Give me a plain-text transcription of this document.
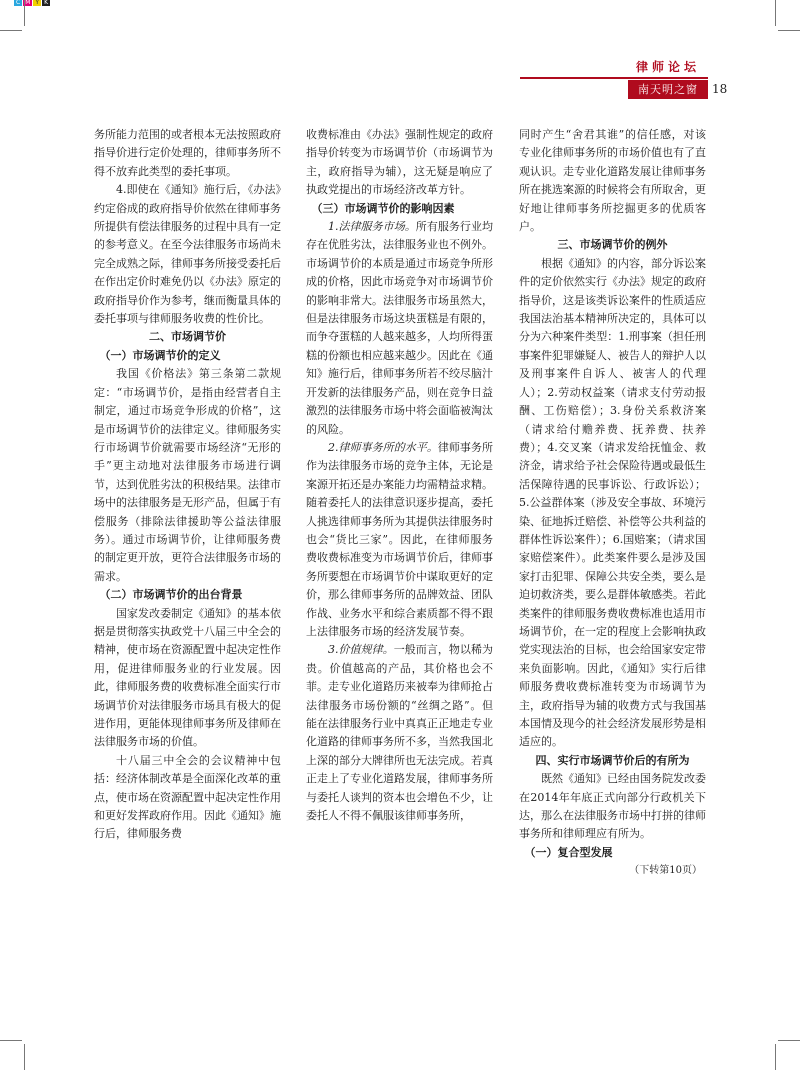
C M Y K
律师论坛
南天明之窗	18

务所能力范围的或者根本无法按照政府指导价进行定价处理的，律师事务所不得不放弃此类型的委托事项。

4.即使在《通知》施行后，《办法》约定俗成的政府指导价依然在律师事务所提供有偿法律服务的过程中具有一定的参考意义。在至今法律服务市场尚未完全成熟之际，律师事务所接受委托后在作出定价时难免仍以《办法》原定的政府指导价作为参考，继而衡量具体的委托事项与律师服务收费的性价比。

二、市场调节价

（一）市场调节价的定义

我国《价格法》第三条第二款规定：“市场调节价，是指由经营者自主制定，通过市场竞争形成的价格”，这是市场调节价的法律定义。律师服务实行市场调节价就需要市场经济“无形的手”更主动地对法律服务市场进行调节，达到优胜劣汰的积极结果。法律市场中的法律服务是无形产品，但属于有偿服务（排除法律援助等公益法律服务）。通过市场调节价，让律师服务费的制定更开放，更符合法律服务市场的需求。

（二）市场调节价的出台背景

国家发改委制定《通知》的基本依据是贯彻落实执政党十八届三中全会的精神，使市场在资源配置中起决定性作用，促进律师服务业的行业发展。因此，律师服务费的收费标准全面实行市场调节价对法律服务市场具有极大的促进作用，更能体现律师事务所及律师在法律服务市场的价值。

十八届三中全会的会议精神中包括：经济体制改革是全面深化改革的重点，使市场在资源配置中起决定性作用和更好发挥政府作用。因此《通知》施行后，律师服务费

收费标准由《办法》强制性规定的政府指导价转变为市场调节价（市场调节为主，政府指导为辅），这无疑是响应了执政党提出的市场经济改革方针。

（三）市场调节价的影响因素

1.法律服务市场。所有服务行业均存在优胜劣汰，法律服务业也不例外。市场调节价的本质是通过市场竞争所形成的价格，因此市场竞争对市场调节价的影响非常大。法律服务市场虽然大，但是法律服务市场这块蛋糕是有限的，而争夺蛋糕的人越来越多，人均所得蛋糕的份额也相应越来越少。因此在《通知》施行后，律师事务所若不绞尽脑汁开发新的法律服务产品，则在竞争日益激烈的法律服务市场中将会面临被淘汰的风险。

2.律师事务所的水平。律师事务所作为法律服务市场的竞争主体，无论是案源开拓还是办案能力均需精益求精。随着委托人的法律意识逐步提高，委托人挑选律师事务所为其提供法律服务时也会“货比三家”。因此，在律师服务费收费标准变为市场调节价后，律师事务所要想在市场调节价中谋取更好的定价，那么律师事务所的品牌效益、团队作战、业务水平和综合素质都不得不跟上法律服务市场的经济发展节奏。

3.价值规律。一般而言，物以稀为贵。价值越高的产品，其价格也会不菲。走专业化道路历来被奉为律师抢占法律服务市场份额的“丝绸之路”。但能在法律服务行业中真真正正地走专业化道路的律师事务所不多，当然我国北上深的部分大牌律所也无法完成。若真正走上了专业化道路发展，律师事务所与委托人谈判的资本也会增色不少，让委托人不得不佩服该律师事务所，

同时产生“舍君其谁”的信任感，对该专业化律师事务所的市场价值也有了直观认识。走专业化道路发展让律师事务所在挑选案源的时候将会有所取舍，更好地让律师事务所挖掘更多的优质客户。

三、市场调节价的例外

根据《通知》的内容，部分诉讼案件的定价依然实行《办法》规定的政府指导价，这是该类诉讼案件的性质适应我国法治基本精神所决定的，具体可以分为六种案件类型：1.刑事案（担任刑事案件犯罪嫌疑人、被告人的辩护人以及刑事案件自诉人、被害人的代理人）；2.劳动权益案（请求支付劳动报酬、工伤赔偿）；3.身份关系救济案（请求给付赡养费、抚养费、扶养费）；4.交叉案（请求发给抚恤金、救济金，请求给予社会保险待遇或最低生活保障待遇的民事诉讼、行政诉讼）；5.公益群体案（涉及安全事故、环境污染、征地拆迁赔偿、补偿等公共利益的群体性诉讼案件）；6.国赔案；（请求国家赔偿案件）。此类案件要么是涉及国家打击犯罪、保障公共安全类，要么是迫切救济类，要么是群体敏感类。若此类案件的律师服务费收费标准也适用市场调节价，在一定的程度上会影响执政党实现法治的目标，也会给国家安定带来负面影响。因此，《通知》实行后律师服务费收费标准转变为市场调节为主，政府指导为辅的收费方式与我国基本国情及现今的社会经济发展形势是相适应的。

四、实行市场调节价后的有所为

既然《通知》已经由国务院发改委在2014年年底正式向部分行政机关下达，那么在法律服务市场中打拼的律师事务所和律师理应有所为。

（一）复合型发展

（下转第10页）
